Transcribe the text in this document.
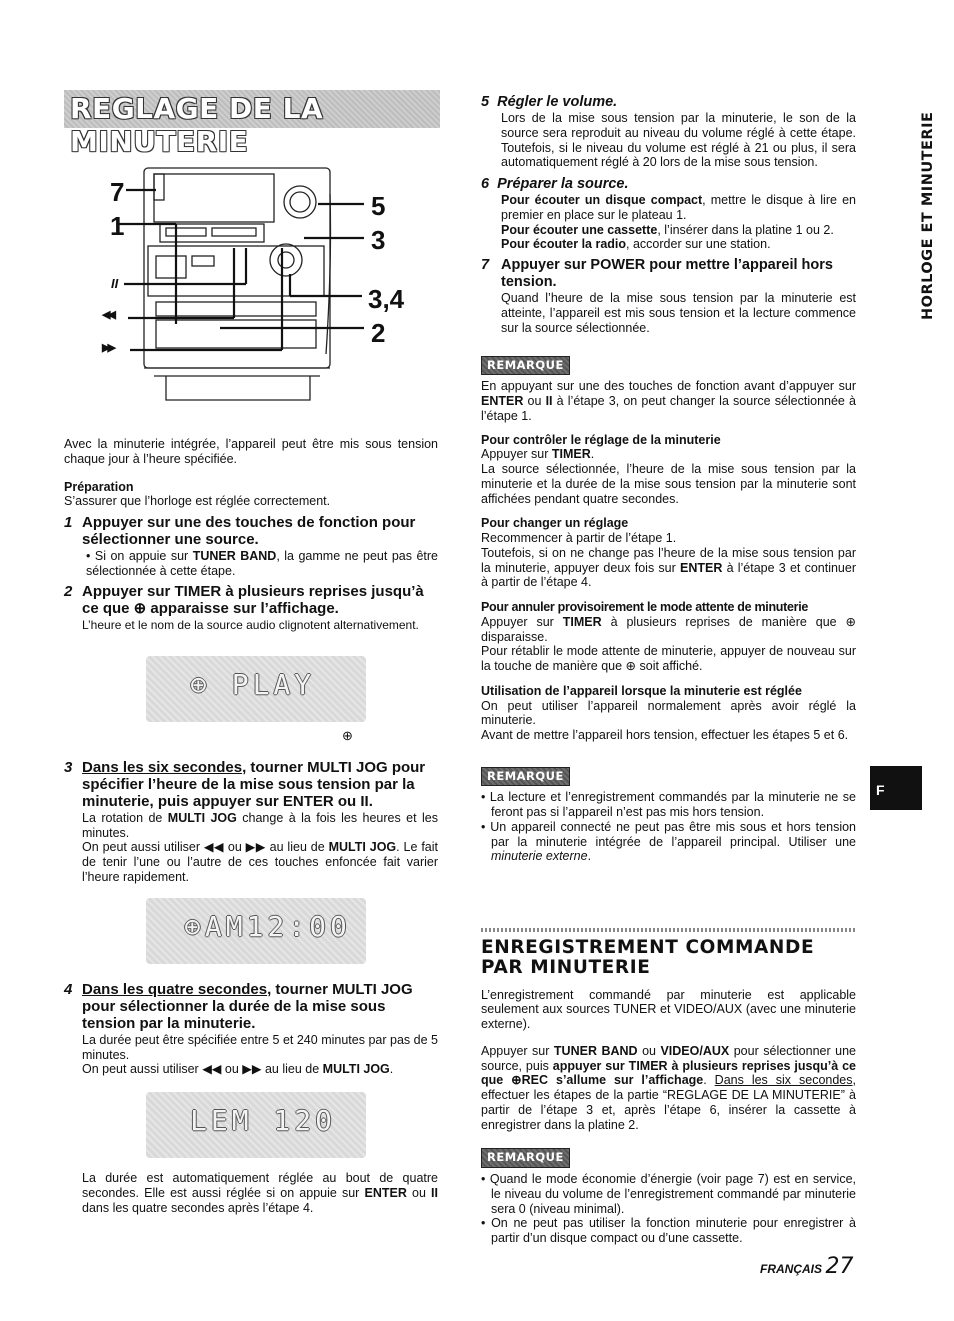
REGLAGE DE LA MINUTERIE
7
1
II
◀◀
▶▶
5
3
3,4
2

Avec la minuterie intégrée, l’appareil peut être mis sous tension chaque jour à l’heure spécifiée.

Préparation

S’assurer que l’horloge est réglée correctement.

1 Appuyer sur une des touches de fonction pour sélectionner une source.

• Si on appuie sur TUNER BAND, la gamme ne peut pas être sélectionnée à cette étape.

2 Appuyer sur TIMER à plusieurs reprises jusqu’à ce que ⊕ apparaisse sur l’affichage.

L’heure et le nom de la source audio clignotent alternativement.

⊕ PLAY
⊕
3 Dans les six secondes, tourner MULTI JOG pour spécifier l’heure de la mise sous tension par la minuterie, puis appuyer sur ENTER ou II.

La rotation de MULTI JOG change à la fois les heures et les minutes.

On peut aussi utiliser ◀◀ ou ▶▶ au lieu de MULTI JOG. Le fait de tenir l’une ou l’autre de ces touches enfoncée fait varier l’heure rapidement.

⊕AM12:00
4 Dans les quatre secondes, tourner MULTI JOG pour sélectionner la durée de la mise sous tension par la minuterie.

La durée peut être spécifiée entre 5 et 240 minutes par pas de 5 minutes.

On peut aussi utiliser ◀◀ ou ▶▶ au lieu de MULTI JOG.

LEM 120

La durée est automatiquement réglée au bout de quatre secondes. Elle est aussi réglée si on appuie sur ENTER ou II dans les quatre secondes après l’étape 4.

5 Régler le volume.

Lors de la mise sous tension par la minuterie, le son de la source sera reproduit au niveau du volume réglé à cette étape. Toutefois, si le niveau du volume est réglé à 21 ou plus, il sera automatiquement réglé à 20 lors de la mise sous tension.

6 Préparer la source.

Pour écouter un disque compact, mettre le disque à lire en premier en place sur le plateau 1.
Pour écouter une cassette, l’insérer dans la platine 1 ou 2.
Pour écouter la radio, accorder sur une station.

7 Appuyer sur POWER pour mettre l’appareil hors tension.

Quand l’heure de la mise sous tension par la minuterie est atteinte, l’appareil est mis sous tension et la lecture commence sur la source sélectionnée.

REMARQUE

En appuyant sur une des touches de fonction avant d’appuyer sur ENTER ou II à l’étape 3, on peut changer la source sélectionnée à l’étape 1.

Pour contrôler le réglage de la minuterie

Appuyer sur TIMER.

La source sélectionnée, l’heure de la mise sous tension par la minuterie et la durée de la mise sous tension par la minuterie sont affichées pendant quatre secondes.

Pour changer un réglage

Recommencer à partir de l’étape 1.

Toutefois, si on ne change pas l’heure de la mise sous tension par la minuterie, appuyer deux fois sur ENTER à l’étape 3 et continuer à partir de l’étape 4.

Pour annuler provisoirement le mode attente de minuterie

Appuyer sur TIMER à plusieurs reprises de manière que ⊕ disparaisse.

Pour rétablir le mode attente de minuterie, appuyer de nouveau sur la touche de manière que ⊕ soit affiché.

Utilisation de l’appareil lorsque la minuterie est réglée

On peut utiliser l’appareil normalement après avoir réglé la minuterie.

Avant de mettre l’appareil hors tension, effectuer les étapes 5 et 6.

REMARQUE

• La lecture et l’enregistrement commandés par la minuterie ne se feront pas si l’appareil n’est pas mis hors tension.

• Un appareil connecté ne peut pas être mis sous et hors tension par la minuterie intégrée de l’appareil principal. Utiliser une minuterie externe.

ENREGISTREMENT COMMANDE PAR MINUTERIE

L’enregistrement commandé par minuterie est applicable seulement aux sources TUNER et VIDEO/AUX (avec une minuterie externe).

Appuyer sur TUNER BAND ou VIDEO/AUX pour sélectionner une source, puis appuyer sur TIMER à plusieurs reprises jusqu’à ce que ⊕REC s’allume sur l’affichage. Dans les six secondes, effectuer les étapes de la partie “REGLAGE DE LA MINUTERIE” à partir de l’étape 3 et, après l’étape 6, insérer la cassette à enregistrer dans la platine 2.

REMARQUE

• Quand le mode économie d’énergie (voir page 7) est en service, le niveau du volume de l’enregistrement commandé par minuterie sera 0 (niveau minimal).

• On ne peut pas utiliser la fonction minuterie pour enregistrer à partir d’un disque compact ou d’une cassette.

HORLOGE ET MINUTERIE
F
FRANÇAIS 27
